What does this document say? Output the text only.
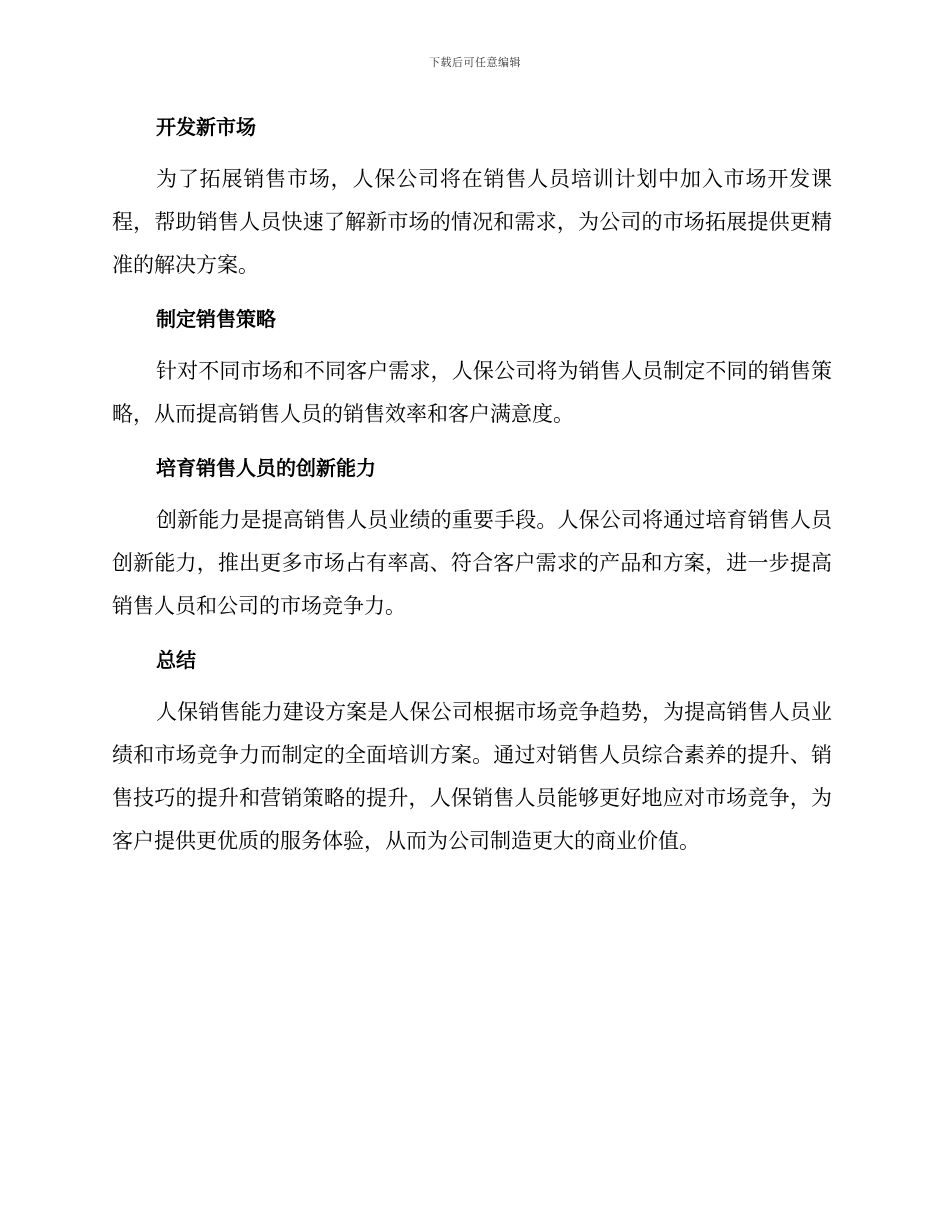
下载后可任意编辑
开发新市场

为了拓展销售市场，人保公司将在销售人员培训计划中加入市场开发课程，帮助销售人员快速了解新市场的情况和需求，为公司的市场拓展提供更精准的解决方案。

制定销售策略

针对不同市场和不同客户需求，人保公司将为销售人员制定不同的销售策略，从而提高销售人员的销售效率和客户满意度。

培育销售人员的创新能力

创新能力是提高销售人员业绩的重要手段。人保公司将通过培育销售人员创新能力，推出更多市场占有率高、符合客户需求的产品和方案，进一步提高销售人员和公司的市场竞争力。

总结

人保销售能力建设方案是人保公司根据市场竞争趋势，为提高销售人员业绩和市场竞争力而制定的全面培训方案。通过对销售人员综合素养的提升、销售技巧的提升和营销策略的提升，人保销售人员能够更好地应对市场竞争，为客户提供更优质的服务体验，从而为公司制造更大的商业价值。
